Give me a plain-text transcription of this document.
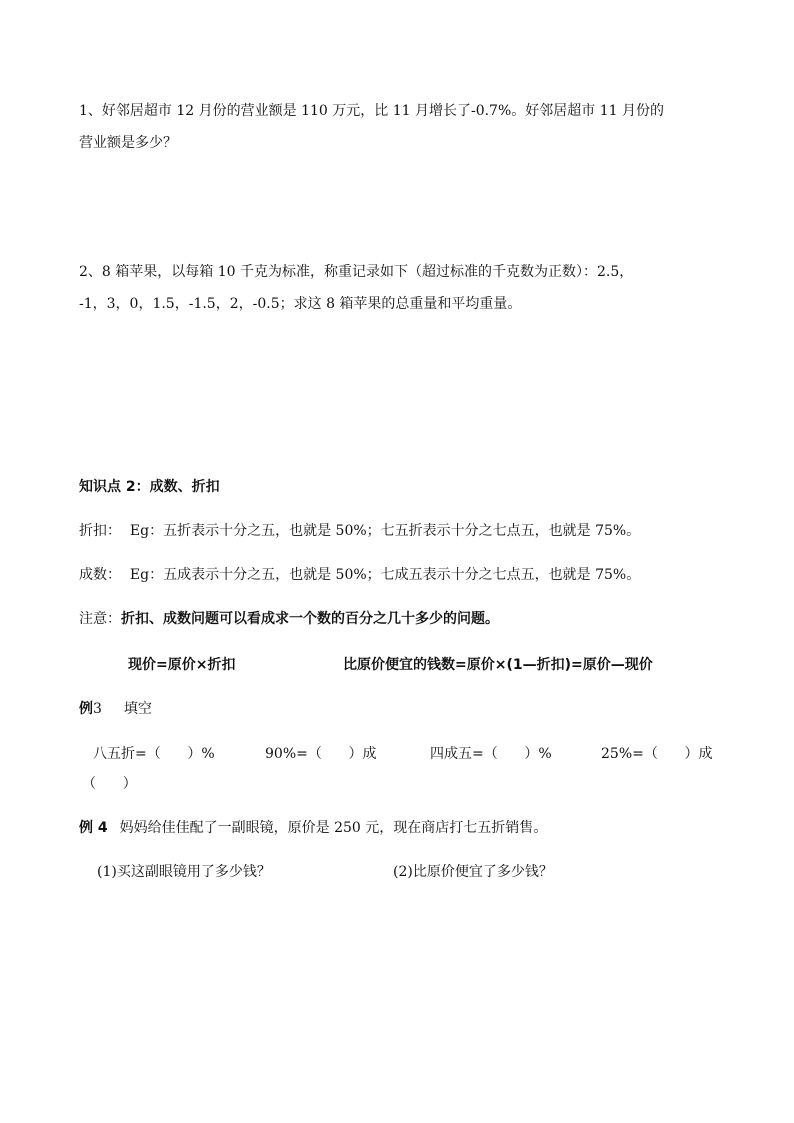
1、好邻居超市 12 月份的营业额是 110 万元，比 11 月增长了-0.7%。好邻居超市 11 月份的
营业额是多少？
2、8 箱苹果，以每箱 10 千克为标准，称重记录如下（超过标准的千克数为正数）：2.5，
-1，3，0，1.5，-1.5，2，-0.5；求这 8 箱苹果的总重量和平均重量。
知识点 2：成数、折扣
折扣：  Eg：五折表示十分之五，也就是 50%；七五折表示十分之七点五，也就是 75%。
成数：  Eg：五成表示十分之五，也就是 50%；七成五表示十分之七点五，也就是 75%。
注意：折扣、成数问题可以看成求一个数的百分之几十多少的问题。
现价=原价×折扣	比原价便宜的钱数=原价×(1—折扣)=原价—现价
例3 填空
八五折=（      ）%	90%=（      ）成	四成五=（      ）%	25%=（      ）成
（      ）
例 4 妈妈给佳佳配了一副眼镜，原价是 250 元，现在商店打七五折销售。
(1)买这副眼镜用了多少钱？	(2)比原价便宜了多少钱？
